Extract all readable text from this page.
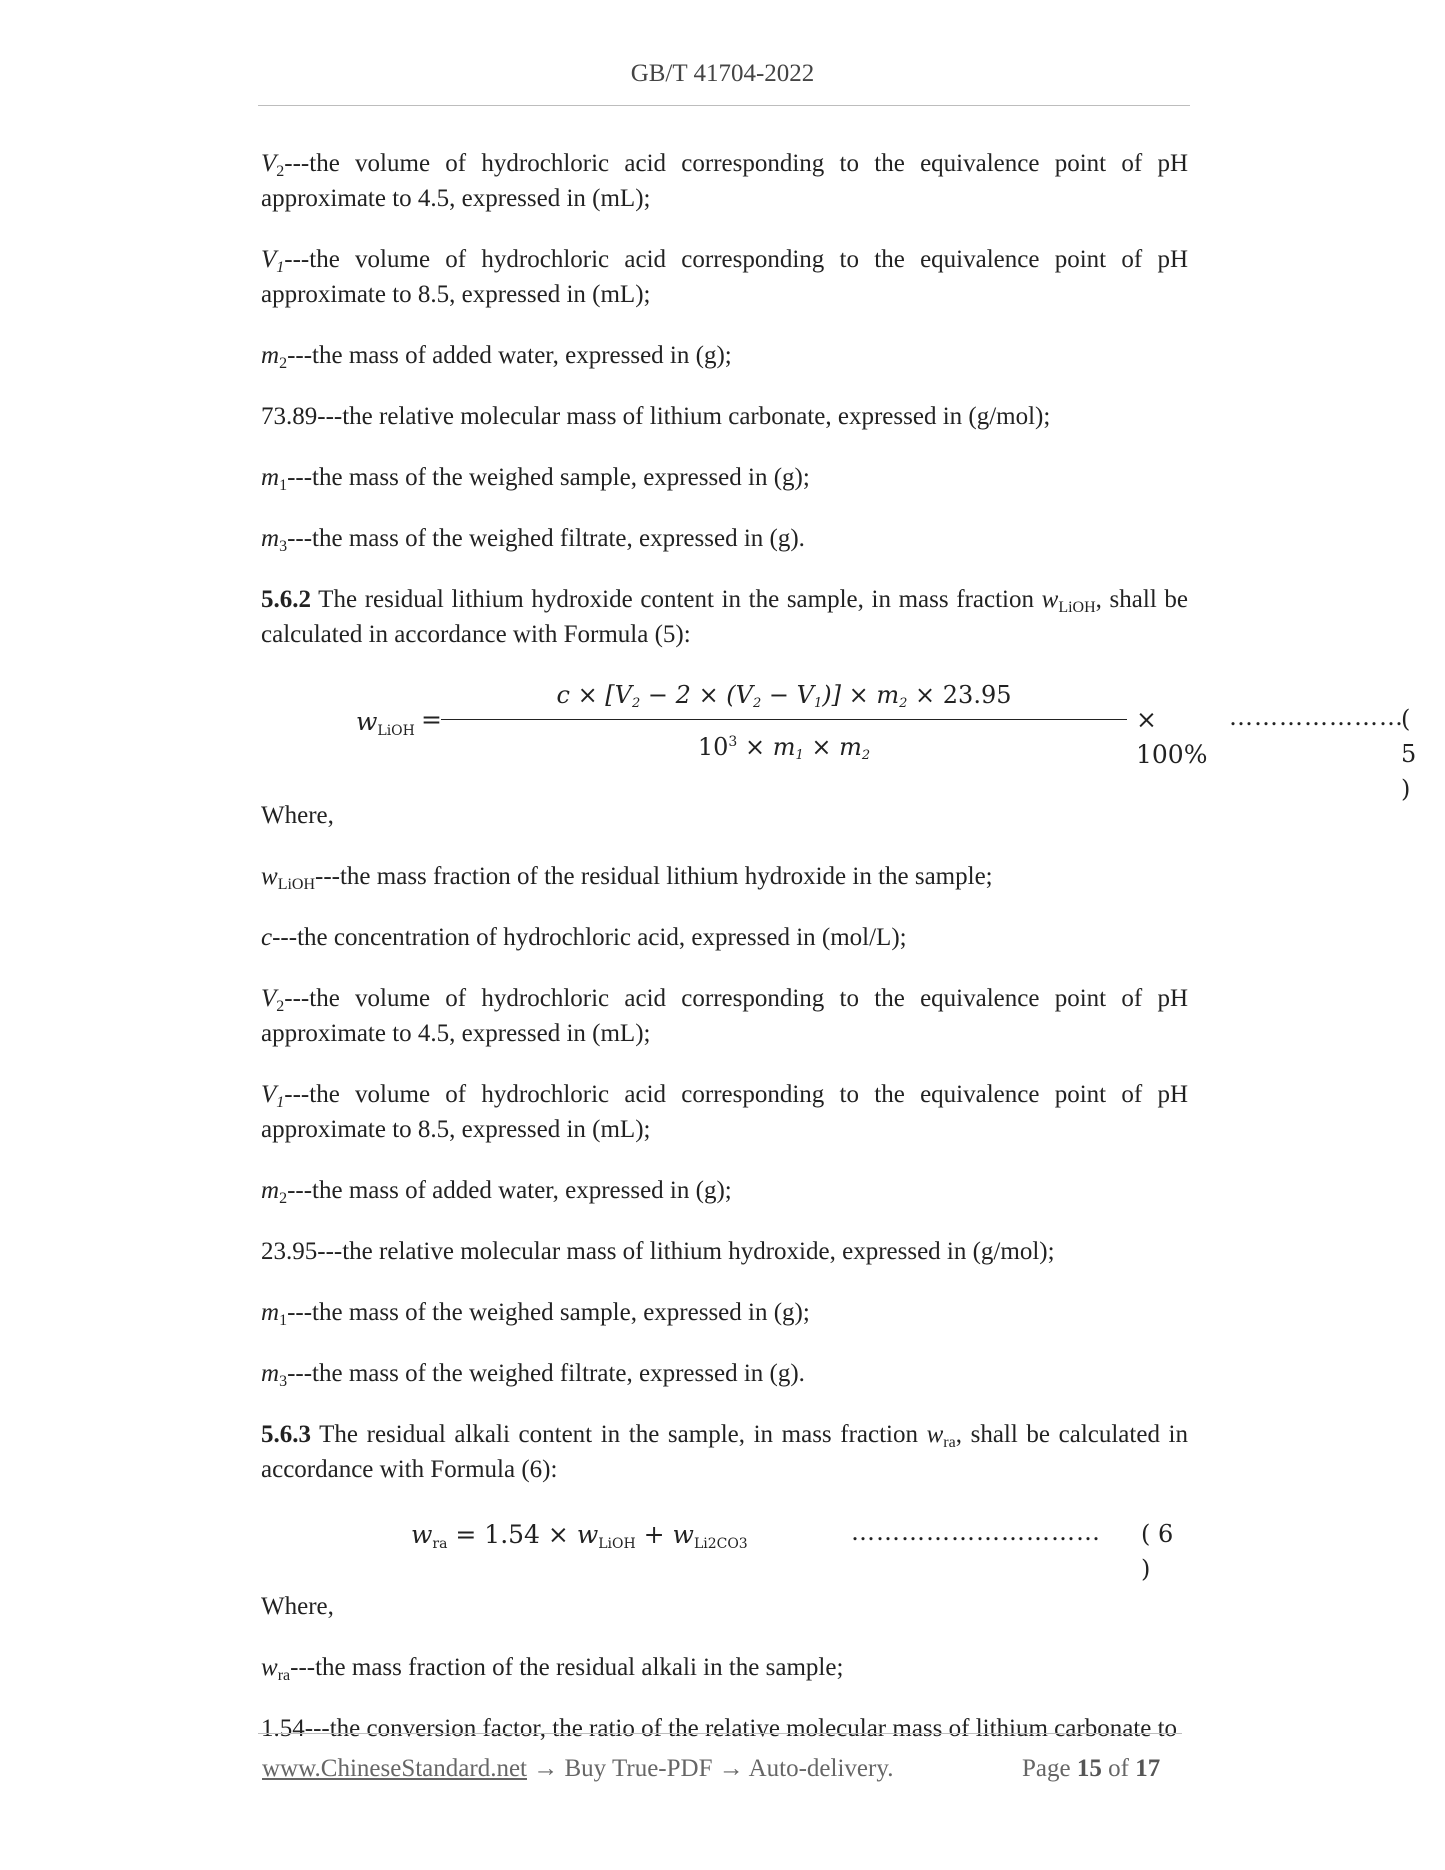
GB/T 41704-2022

$V_2--$-the volume of hydrochloric acid corresponding to the equivalence point of pH approximate to 4.5, expressed in (mL);

$V_1--$-the volume of hydrochloric acid corresponding to the equivalence point of pH approximate to 8.5, expressed in (mL);

$m_2--$-the mass of added water, expressed in (g);

73.89---the relative molecular mass of lithium carbonate, expressed in (g/mol);

$m_1--$-the mass of the weighed sample, expressed in (g);

$m_3--$-the mass of the weighed filtrate, expressed in (g).

5.6.2 The residual lithium hydroxide content in the sample, in mass fraction $w_{LiOH}$, shall be calculated in accordance with Formula (5):

$w_{LiOH}$ =
$c \times [V_2 - 2 \times (V_2 - V_1)] \times m_2 \times 23.95$
$10^3 \times m_1 \times m_2$
× 100%
…………………
( 5 )

Where,

$w_{LiOH}--$-the mass fraction of the residual lithium hydroxide in the sample;

c---the concentration of hydrochloric acid, expressed in (mol/L);

$V_2--$-the volume of hydrochloric acid corresponding to the equivalence point of pH approximate to 4.5, expressed in (mL);

$V_1--$-the volume of hydrochloric acid corresponding to the equivalence point of pH approximate to 8.5, expressed in (mL);

$m_2--$-the mass of added water, expressed in (g);

23.95---the relative molecular mass of lithium hydroxide, expressed in (g/mol);

$m_1--$-the mass of the weighed sample, expressed in (g);

$m_3--$-the mass of the weighed filtrate, expressed in (g).

5.6.3 The residual alkali content in the sample, in mass fraction $w_{ra}$, shall be calculated in accordance with Formula (6):

$w_{ra} = 1.54 \times w_{LiOH} + w_{Li2CO3}$	………………………… ( 6 )

Where,

$w_{ra}--$-the mass fraction of the residual alkali in the sample;

1.54---the conversion factor, the ratio of the relative molecular mass of lithium carbonate to

www.ChineseStandard.net → Buy True-PDF → Auto-delivery.	Page 15 of 17
